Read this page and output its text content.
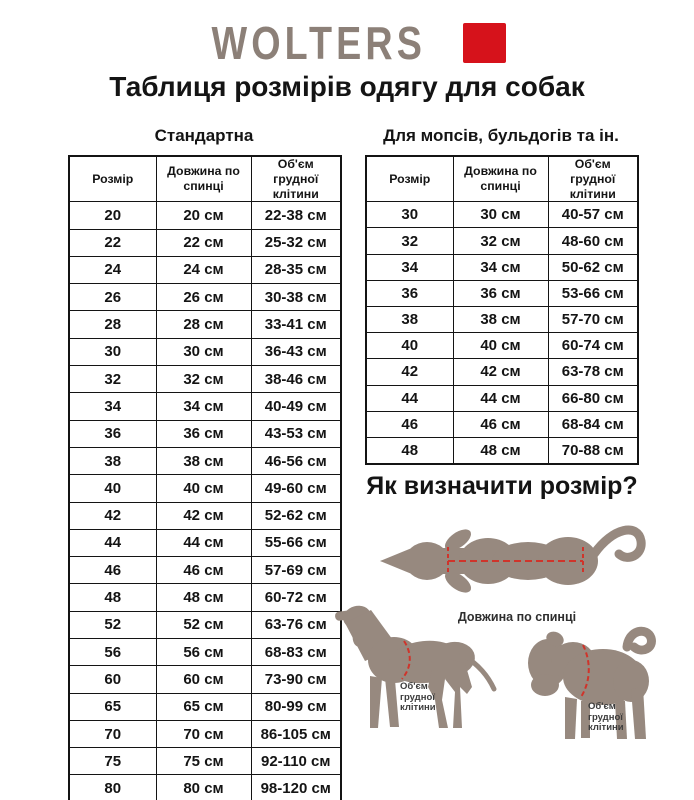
WOLTERS
Таблиця розмірів одягу для собак
Стандартна
Розмір	Довжина по спинці	Об'єм грудної клітини
20	20 см	22-38 см
22	22 см	25-32 см
24	24 см	28-35 см
26	26 см	30-38 см
28	28 см	33-41 см
30	30 см	36-43 см
32	32 см	38-46 см
34	34 см	40-49 см
36	36 см	43-53 см
38	38 см	46-56 см
40	40 см	49-60 см
42	42 см	52-62 см
44	44 см	55-66 см
46	46 см	57-69 см
48	48 см	60-72 см
52	52 см	63-76 см
56	56 см	68-83 см
60	60 см	73-90 см
65	65 см	80-99 см
70	70 см	86-105 см
75	75 см	92-110 см
80	80 см	98-120 см
Для мопсів, бульдогів та ін.
Розмір	Довжина по спинці	Об'єм грудної клітини
30	30 см	40-57 см
32	32 см	48-60 см
34	34 см	50-62 см
36	36 см	53-66 см
38	38 см	57-70 см
40	40 см	60-74 см
42	42 см	63-78 см
44	44 см	66-80 см
46	46 см	68-84 см
48	48 см	70-88 см
Як визначити розмір?
Довжина по спинці
Об'єм грудної клітини	Об'єм грудної клітини
